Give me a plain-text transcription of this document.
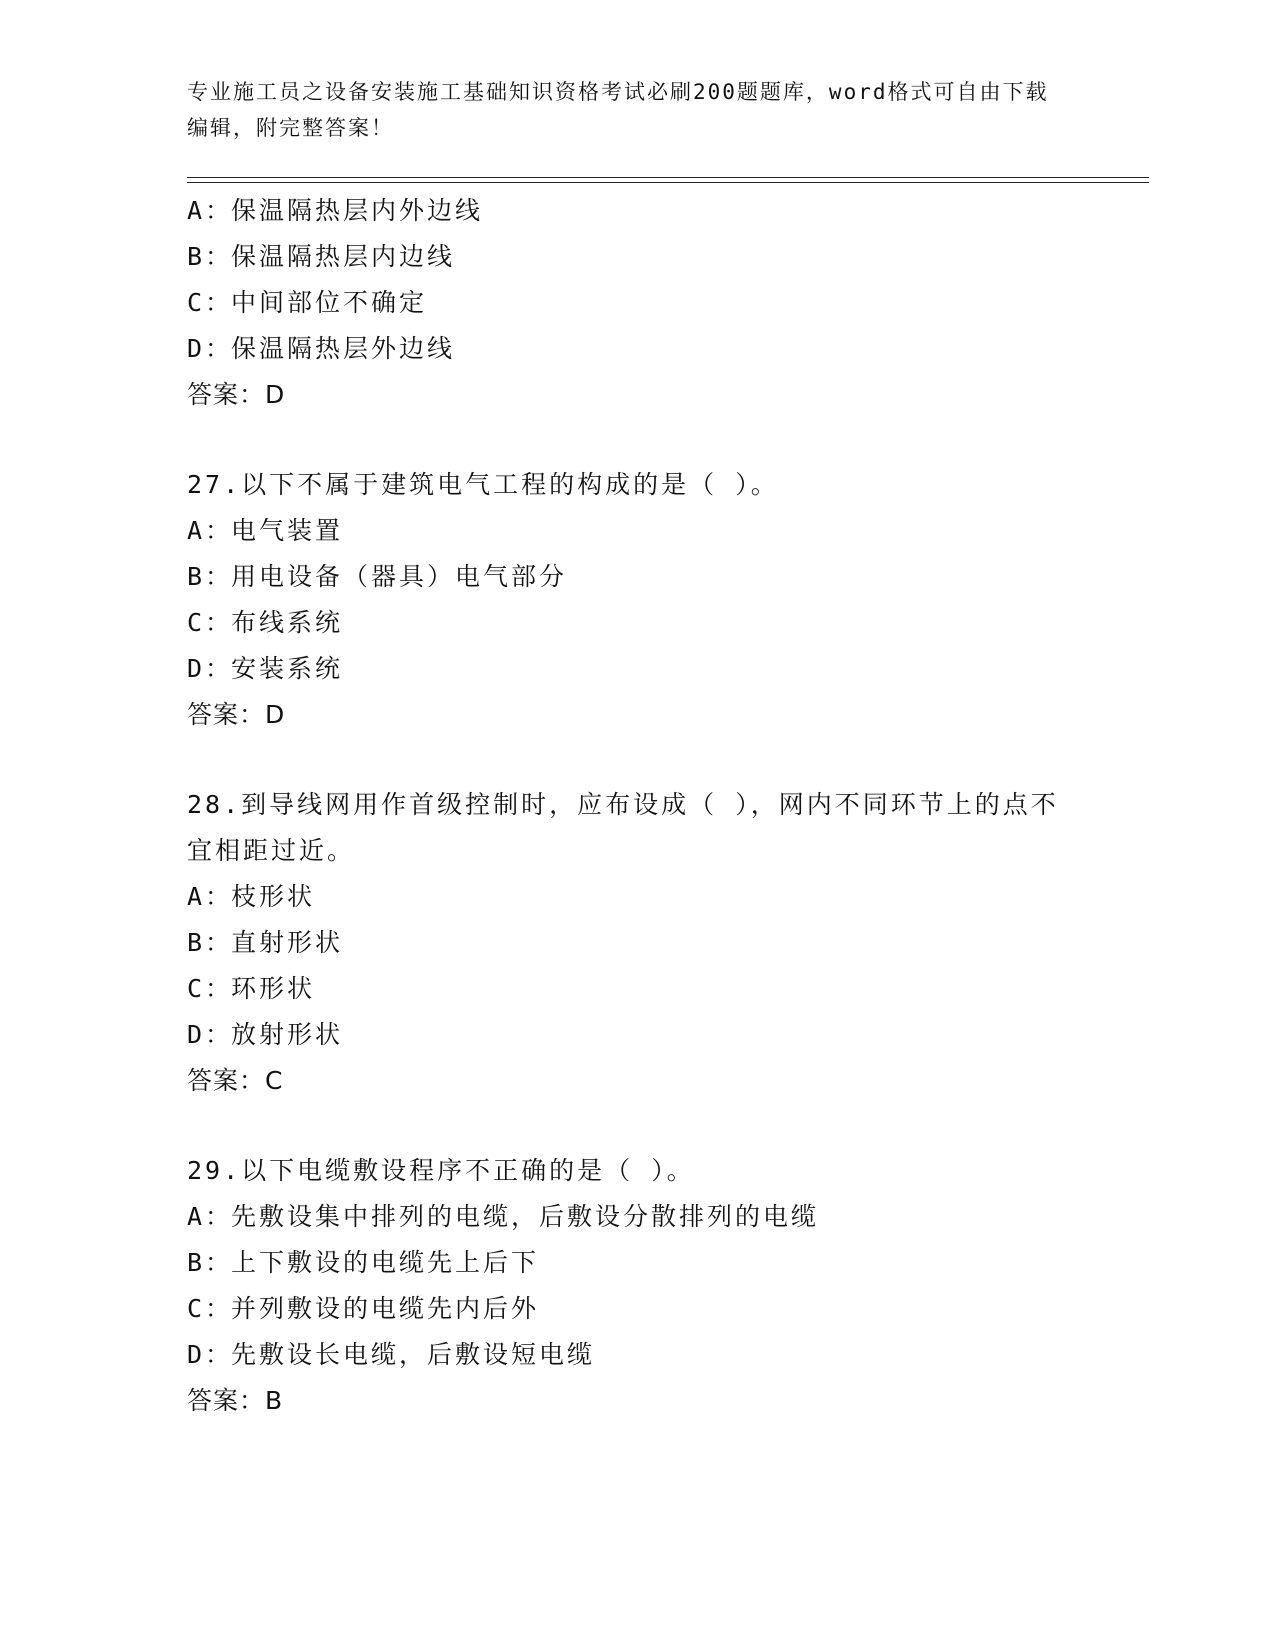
专业施工员之设备安装施工基础知识资格考试必刷200题题库，word格式可自由下载编辑，附完整答案！
A：保温隔热层内外边线
B：保温隔热层内边线
C：中间部位不确定
D：保温隔热层外边线
答案：D
27.以下不属于建筑电气工程的构成的是（ ）。
A：电气装置
B：用电设备（器具）电气部分
C：布线系统
D：安装系统
答案：D
28.到导线网用作首级控制时，应布设成（ ），网内不同环节上的点不宜相距过近。
A：枝形状
B：直射形状
C：环形状
D：放射形状
答案：C
29.以下电缆敷设程序不正确的是（ ）。
A：先敷设集中排列的电缆，后敷设分散排列的电缆
B：上下敷设的电缆先上后下
C：并列敷设的电缆先内后外
D：先敷设长电缆，后敷设短电缆
答案：B
